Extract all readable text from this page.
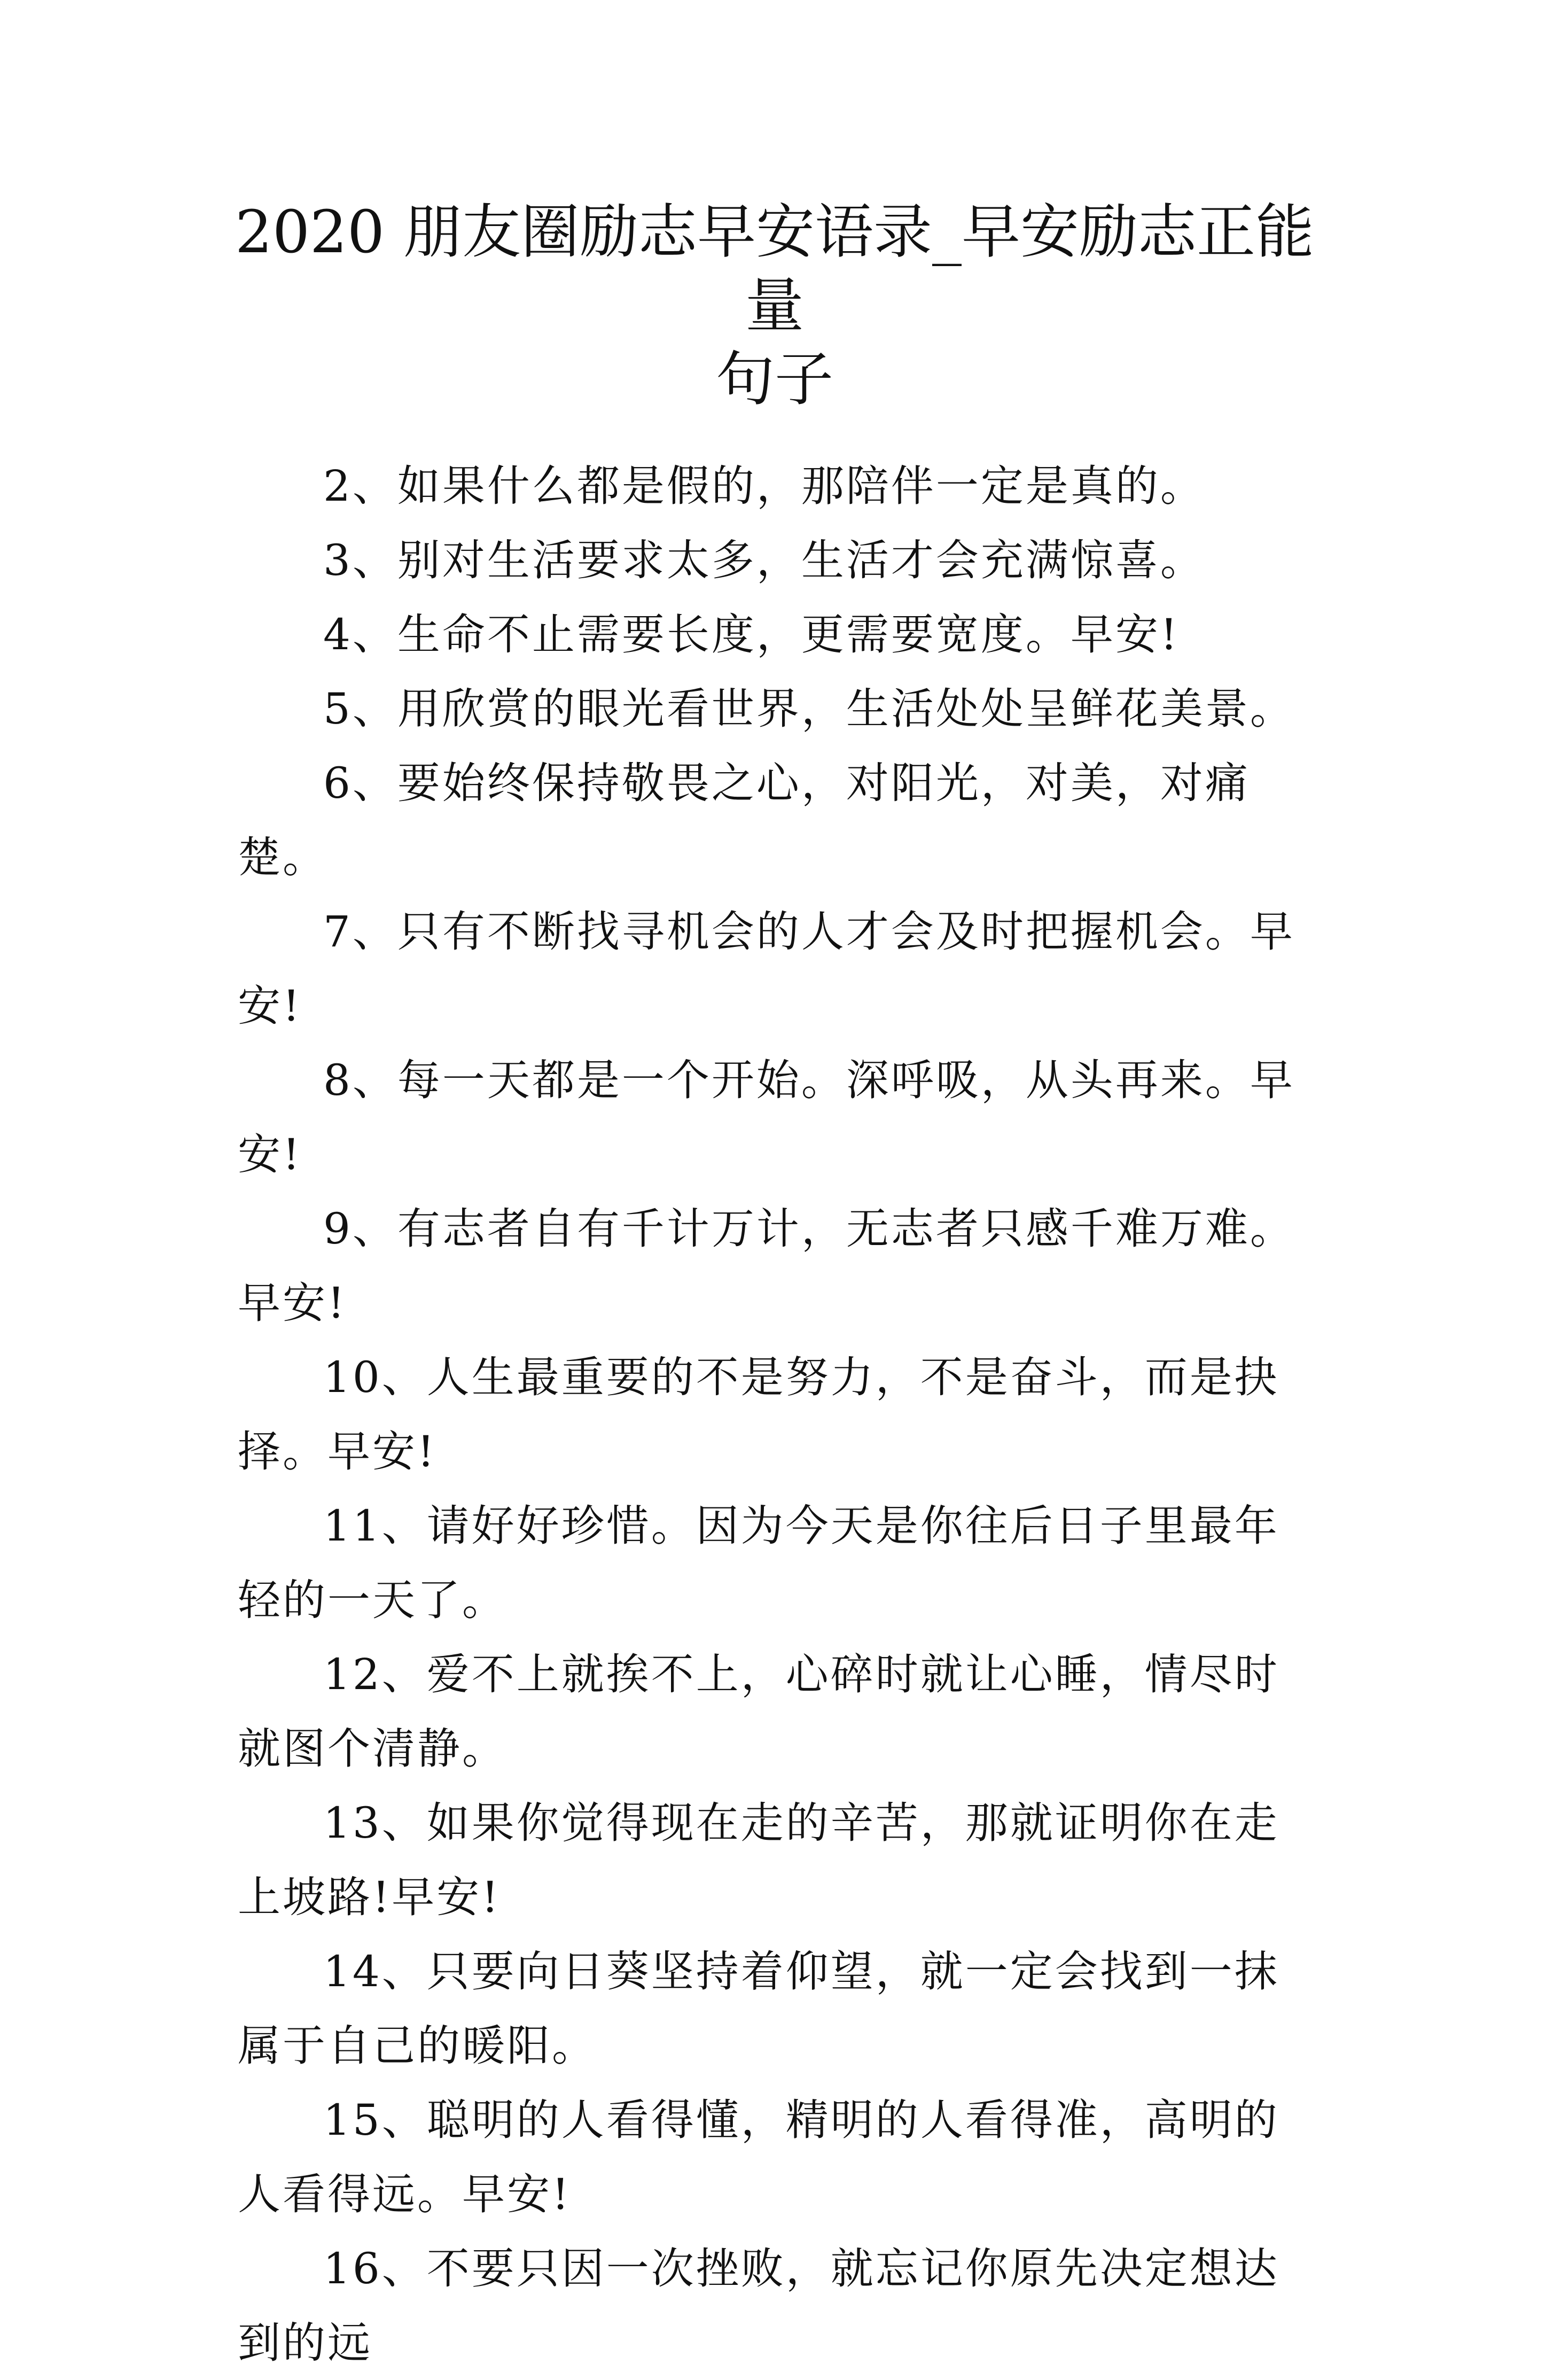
2020 朋友圈励志早安语录_早安励志正能量
句子

2、如果什么都是假的，那陪伴一定是真的。

3、别对生活要求太多，生活才会充满惊喜。

4、生命不止需要长度，更需要宽度。早安!

5、用欣赏的眼光看世界，生活处处呈鲜花美景。

6、要始终保持敬畏之心，对阳光，对美，对痛楚。

7、只有不断找寻机会的人才会及时把握机会。早安!

8、每一天都是一个开始。深呼吸，从头再来。早安!

9、有志者自有千计万计，无志者只感千难万难。早安!

10、人生最重要的不是努力，不是奋斗，而是抉择。早安!

11、请好好珍惜。因为今天是你往后日子里最年轻的一天了。

12、爱不上就挨不上，心碎时就让心睡，情尽时就图个清静。

13、如果你觉得现在走的辛苦，那就证明你在走上坡路!早安!

14、只要向日葵坚持着仰望，就一定会找到一抹属于自己的暖阳。

15、聪明的人看得懂，精明的人看得准，高明的人看得远。早安!

16、不要只因一次挫败，就忘记你原先决定想达到的远
